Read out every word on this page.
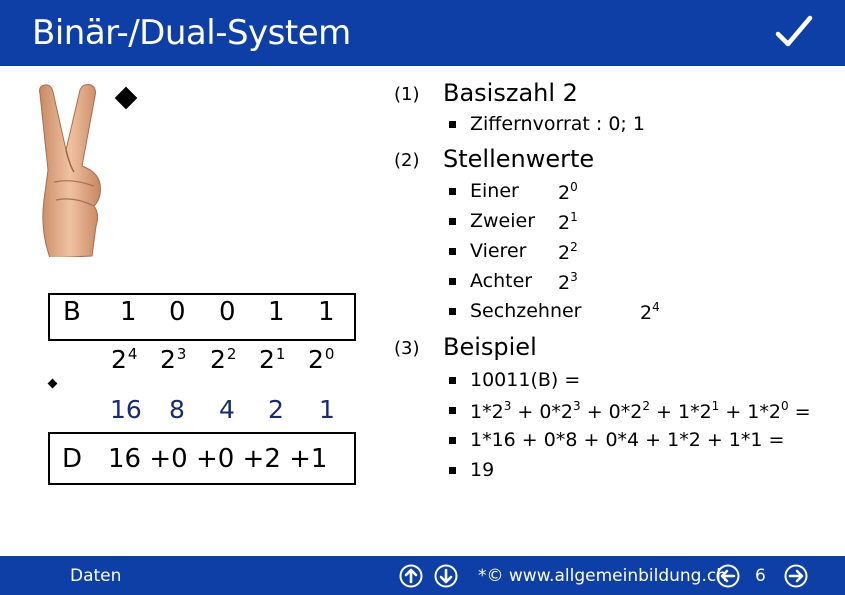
Binär-/Dual-System
B 1 0 0 1 1
$2^4$ $2^3$ $2^2$ $2^1$ $2^0$
16 8 4 2 1
D 16 +0 +0 +2 +1
(1) Basiszahl 2
Ziffernvorrat : 0; 1
(2) Stellenwerte
Einer $2^0$
Zweier $2^1$
Vierer $2^2$
Achter $2^3$
Sechzehner	$2^4$
(3) Beispiel
10011(B) =
$1*2^3 + 0*2^3 + 0*2^2 + 1*2^1 + 1*2^0$ =
1*16 + 0*8 + 0*4 + 1*2 + 1*1 =
19
Daten	*© www.allgemeinbildung.ch 6
